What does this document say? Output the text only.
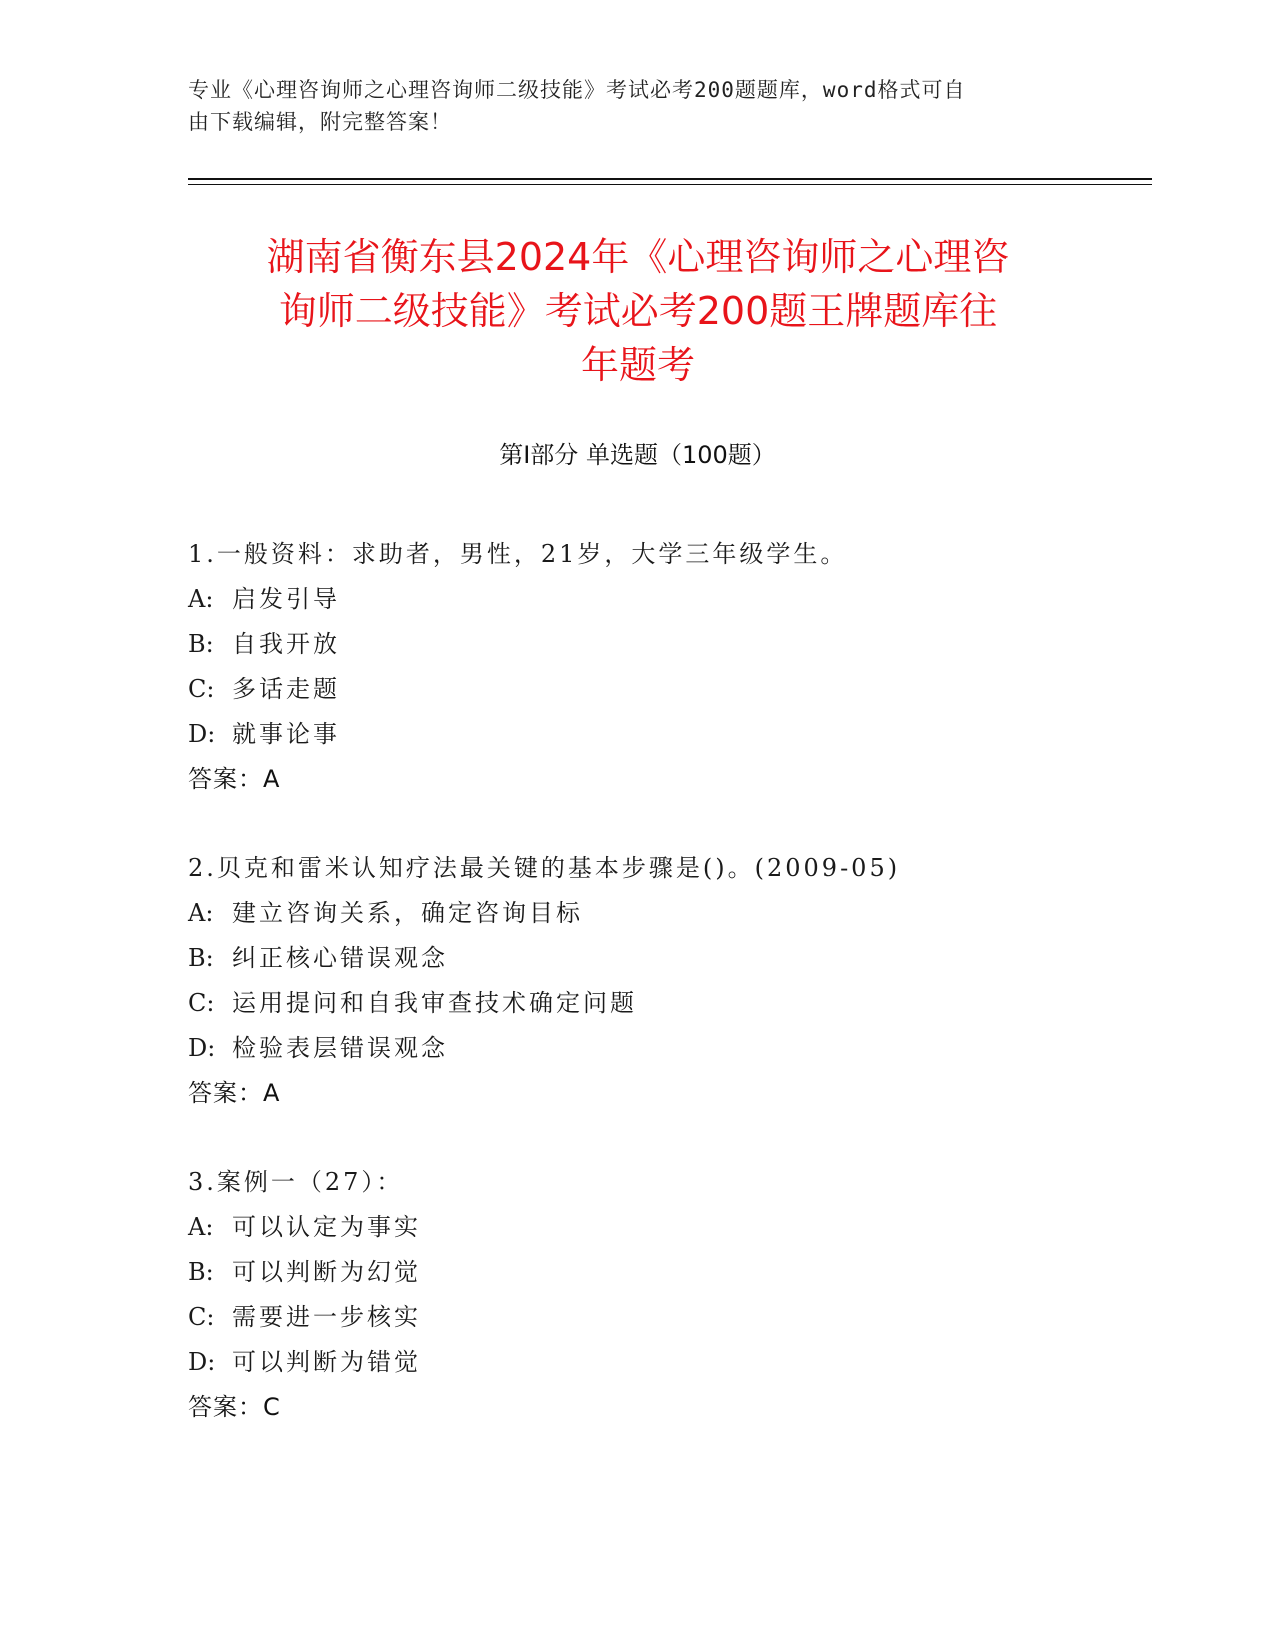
专业《心理咨询师之心理咨询师二级技能》考试必考200题题库，word格式可自
由下载编辑，附完整答案！
湖南省衡东县2024年《心理咨询师之心理咨
询师二级技能》考试必考200题王牌题库往
年题考
第Ⅰ部分 单选题（100题）
1.一般资料：求助者，男性，21岁，大学三年级学生。
A: 启发引导
B: 自我开放
C: 多话走题
D: 就事论事
答案：A
2.贝克和雷米认知疗法最关键的基本步骤是()。(2009-05)
A: 建立咨询关系，确定咨询目标
B: 纠正核心错误观念
C: 运用提问和自我审查技术确定问题
D: 检验表层错误观念
答案：A
3.案例一（27）：
A: 可以认定为事实
B: 可以判断为幻觉
C: 需要进一步核实
D: 可以判断为错觉
答案：C
